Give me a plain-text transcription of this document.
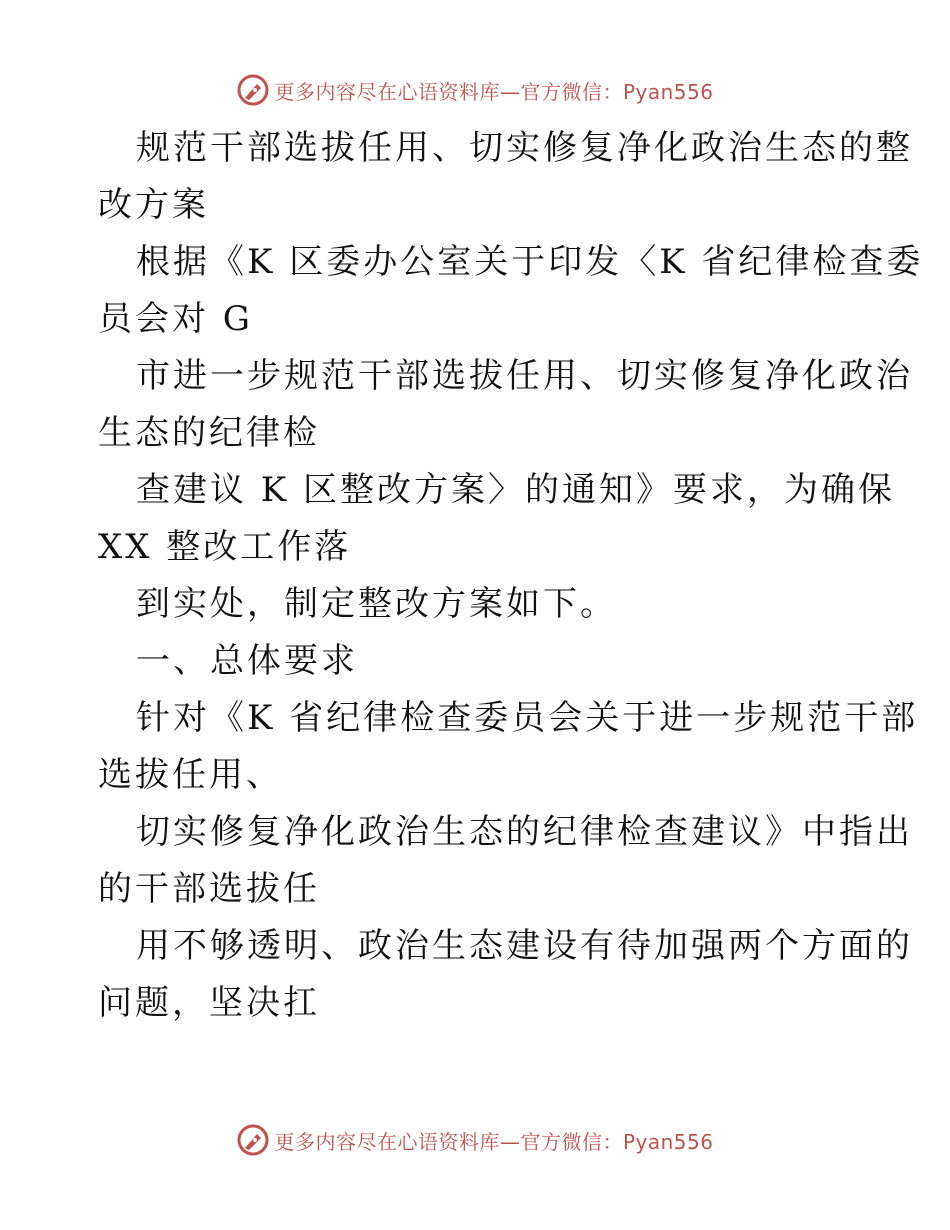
更多内容尽在心语资料库—官方微信：Pyan556
规范干部选拔任用、切实修复净化政治生态的整
改方案
根据《K 区委办公室关于印发〈K 省纪律检查委
员会对 G
市进一步规范干部选拔任用、切实修复净化政治
生态的纪律检
查建议 K 区整改方案〉的通知》要求，为确保
XX 整改工作落
到实处，制定整改方案如下。
一、总体要求
针对《K 省纪律检查委员会关于进一步规范干部
选拔任用、
切实修复净化政治生态的纪律检查建议》中指出
的干部选拔任
用不够透明、政治生态建设有待加强两个方面的
问题，坚决扛
更多内容尽在心语资料库—官方微信：Pyan556
